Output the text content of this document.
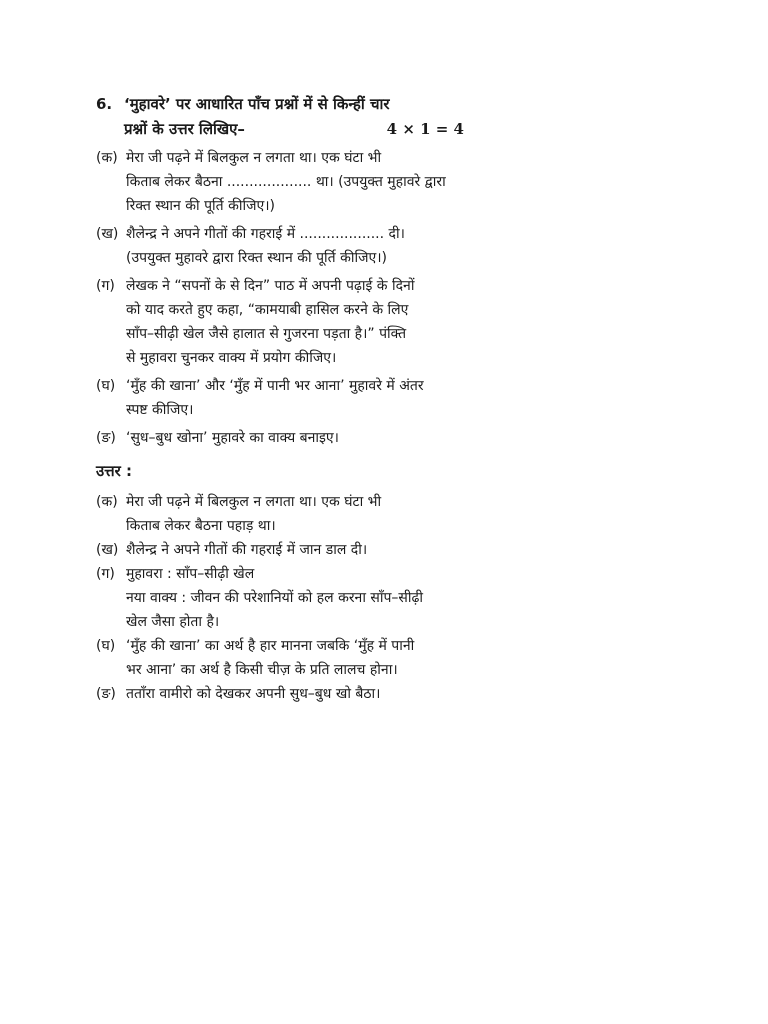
6. ‘मुहावरे’ पर आधारित पाँच प्रश्नों में से किन्हीं चार
प्रश्नों के उत्तर लिखिए–	4 × 1 = 4
(क) मेरा जी पढ़ने में बिलकुल न लगता था। एक घंटा भी
किताब लेकर बैठना ................... था। (उपयुक्त मुहावरे द्वारा
रिक्त स्थान की पूर्ति कीजिए।)
(ख) शैलेन्द्र ने अपने गीतों की गहराई में ................... दी।
(उपयुक्त मुहावरे द्वारा रिक्त स्थान की पूर्ति कीजिए।)
(ग) लेखक ने “सपनों के से दिन” पाठ में अपनी पढ़ाई के दिनों
को याद करते हुए कहा, “कामयाबी हासिल करने के लिए
साँप–सीढ़ी खेल जैसे हालात से गुजरना पड़ता है।” पंक्ति
से मुहावरा चुनकर वाक्य में प्रयोग कीजिए।
(घ) ‘मुँह की खाना’ और ‘मुँह में पानी भर आना’ मुहावरे में अंतर
स्पष्ट कीजिए।
(ङ) ‘सुध–बुध खोना’ मुहावरे का वाक्य बनाइए।
उत्तर :
(क) मेरा जी पढ़ने में बिलकुल न लगता था। एक घंटा भी
किताब लेकर बैठना पहाड़ था।
(ख) शैलेन्द्र ने अपने गीतों की गहराई में जान डाल दी।
(ग) मुहावरा : साँप–सीढ़ी खेल
नया वाक्य : जीवन की परेशानियों को हल करना साँप–सीढ़ी
खेल जैसा होता है।
(घ) ‘मुँह की खाना’ का अर्थ है हार मानना जबकि ‘मुँह में पानी
भर आना’ का अर्थ है किसी चीज़ के प्रति लालच होना।
(ङ) तताँरा वामीरो को देखकर अपनी सुध–बुध खो बैठा।
